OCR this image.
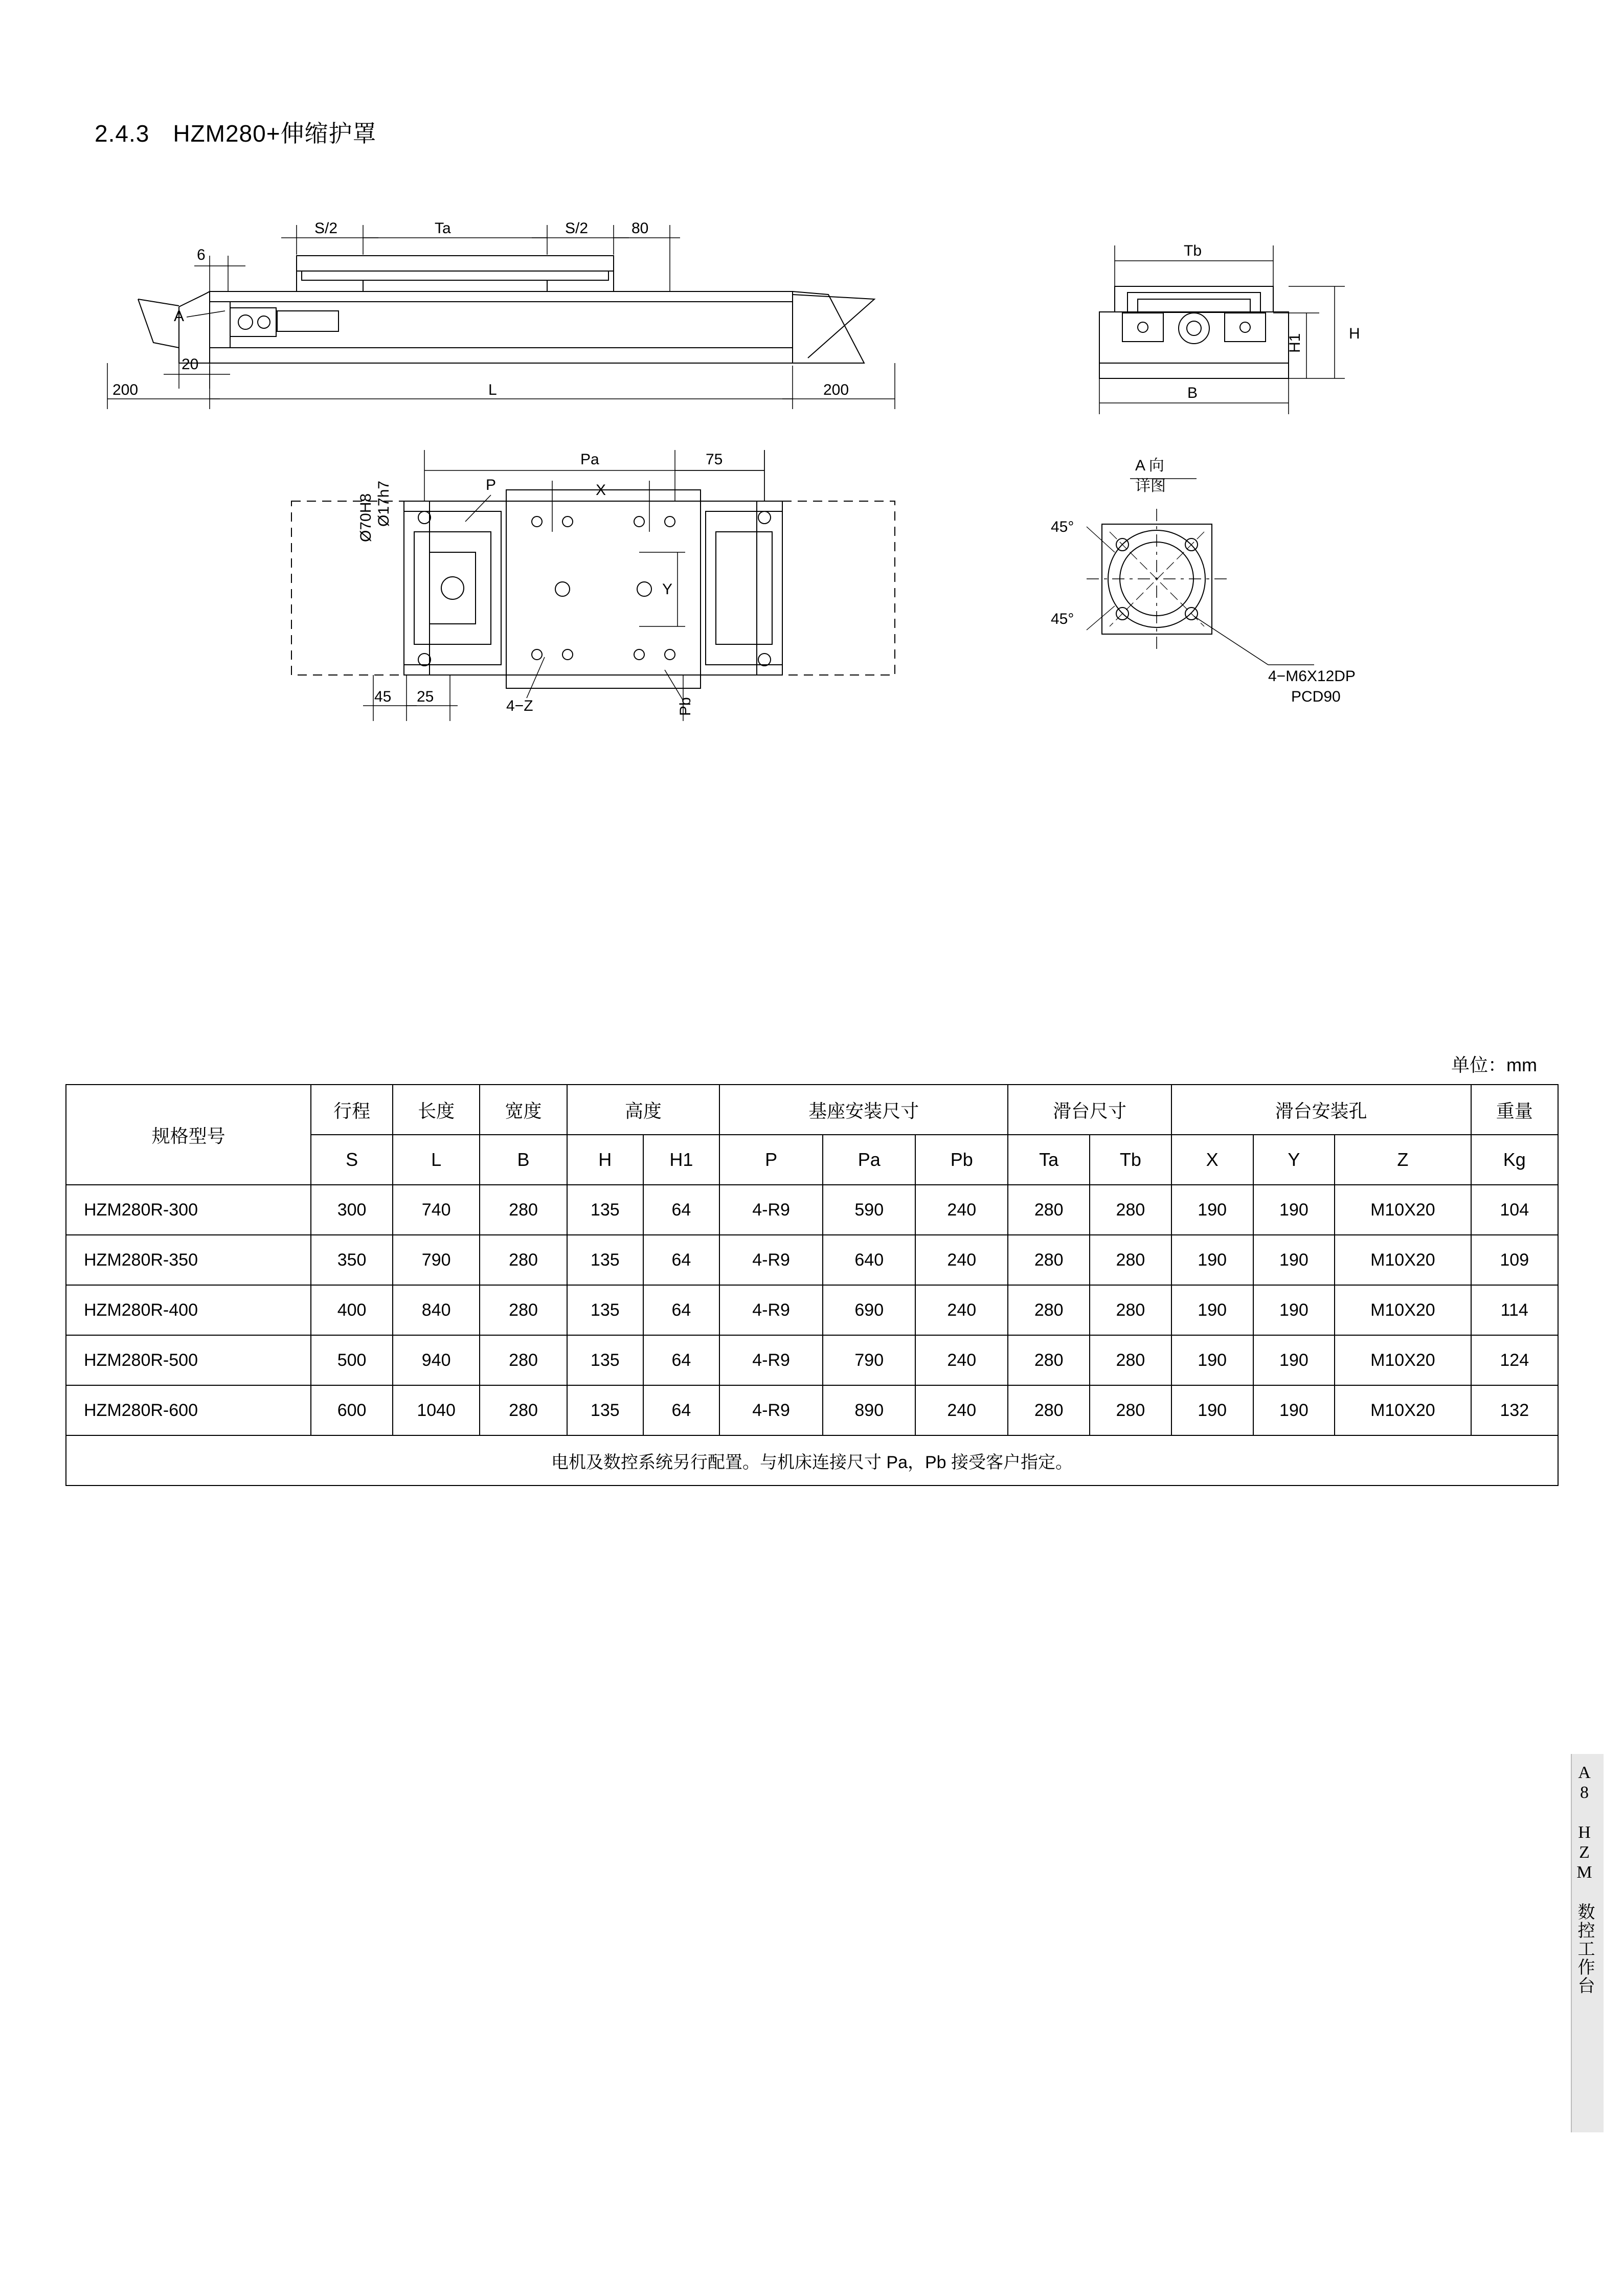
2.4.3 HZM280+伸缩护罩
S/2	Ta	S/2	80
6
A
20
200	L	200
Tb
H
H1
B
Pa	75
X
P
Y
Ø17h7
Ø70H8
45 25
4−Z	Pb
A 向
详图
45°
45°
4−M6X12DP
PCD90
单位：mm
规格型号	行程	长度	宽度	高度		基座安装尺寸			滑台尺寸		滑台安装孔			重量
	S	L	B	H	H1	P	Pa	Pb	Ta	Tb	X	Y	Z	Kg
HZM280R-300	300	740	280	135	64	4-R9	590	240	280	280	190	190	M10X20	104
HZM280R-350	350	790	280	135	64	4-R9	640	240	280	280	190	190	M10X20	109
HZM280R-400	400	840	280	135	64	4-R9	690	240	280	280	190	190	M10X20	114
HZM280R-500	500	940	280	135	64	4-R9	790	240	280	280	190	190	M10X20	124
HZM280R-600	600	1040	280	135	64	4-R9	890	240	280	280	190	190	M10X20	132
电机及数控系统另行配置。与机床连接尺寸 Pa，Pb 接受客户指定。														
A8 HZM 数控工作台
